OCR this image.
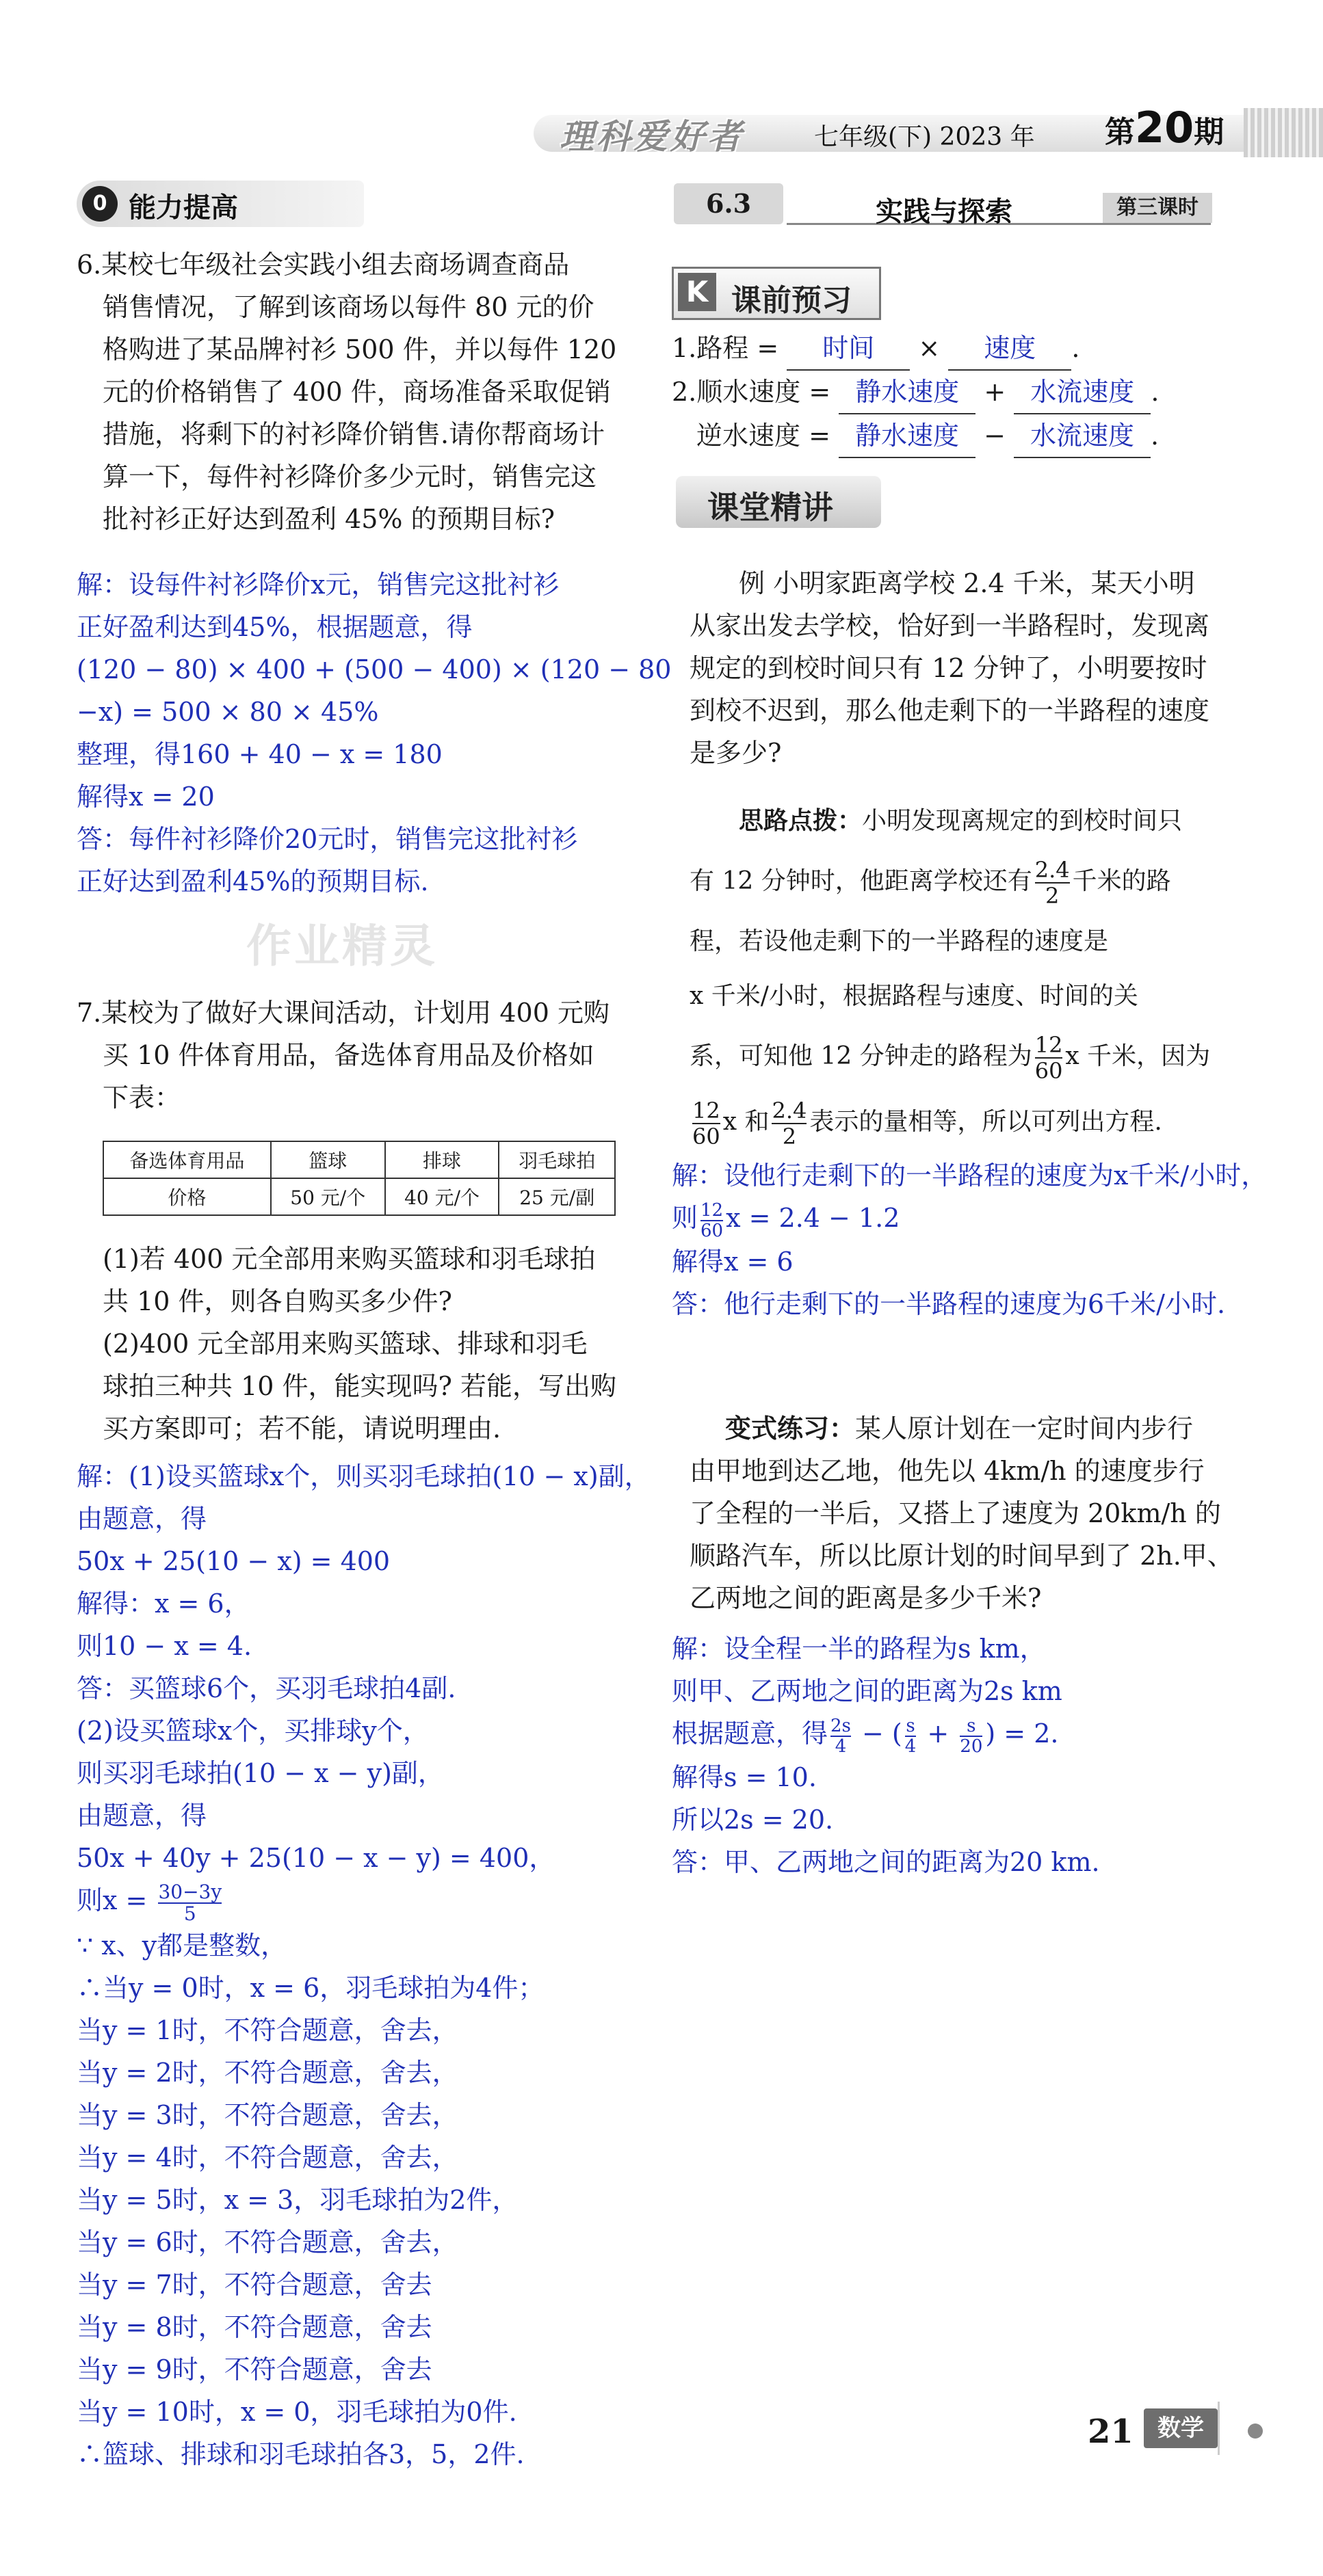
理科爱好者	七年级(下) 2023 年 第20期
0 能力提高
6.某校七年级社会实践小组去商场调查商品
销售情况，了解到该商场以每件 80 元的价
格购进了某品牌衬衫 500 件，并以每件 120
元的价格销售了 400 件，商场准备采取促销
措施，将剩下的衬衫降价销售.请你帮商场计
算一下，每件衬衫降价多少元时，销售完这
批衬衫正好达到盈利 45% 的预期目标?
解：设每件衬衫降价x元，销售完这批衬衫
正好盈利达到45%，根据题意，得
(120 − 80) × 400 + (500 − 400) × (120 − 80
−x) = 500 × 80 × 45%
整理，得160 + 40 − x = 180
解得x = 20
答：每件衬衫降价20元时，销售完这批衬衫
正好达到盈利45%的预期目标.
作业精灵
7.某校为了做好大课间活动，计划用 400 元购
买 10 件体育用品，备选体育用品及价格如
下表：
备选体育用品	篮球	排球	羽毛球拍
价格	50 元/个	40 元/个	25 元/副
(1)若 400 元全部用来购买篮球和羽毛球拍
共 10 件，则各自购买多少件?
(2)400 元全部用来购买篮球、排球和羽毛
球拍三种共 10 件，能实现吗? 若能，写出购
买方案即可；若不能，请说明理由.
解：(1)设买篮球x个，则买羽毛球拍(10 − x)副，
由题意，得
50x + 25(10 − x) = 400
解得：x = 6，
则10 − x = 4.
答：买篮球6个，买羽毛球拍4副.
(2)设买篮球x个，买排球y个，
则买羽毛球拍(10 − x − y)副，
由题意，得
50x + 40y + 25(10 − x − y) = 400，
则$x = \frac{30-3y}{5}$
∵ x、y都是整数，
∴当y = 0时，x = 6，羽毛球拍为4件；
当y = 1时，不符合题意，舍去，
当y = 2时，不符合题意，舍去，
当y = 3时，不符合题意，舍去，
当y = 4时，不符合题意，舍去，
当y = 5时，x = 3，羽毛球拍为2件，
当y = 6时，不符合题意，舍去，
当y = 7时，不符合题意，舍去
当y = 8时，不符合题意，舍去
当y = 9时，不符合题意，舍去
当y = 10时，x = 0，羽毛球拍为0件.
∴篮球、排球和羽毛球拍各3，5，2件.
6.3	实践与探索	第三课时
K 课前预习
1.路程 = 时间 × 速度 .
2.顺水速度 = 静水速度 + 水流速度 .
逆水速度 = 静水速度 − 水流速度 .
课堂精讲
例 小明家距离学校 2.4 千米，某天小明
从家出发去学校，恰好到一半路程时，发现离
规定的到校时间只有 12 分钟了，小明要按时
到校不迟到，那么他走剩下的一半路程的速度
是多少?
思路点拨：小明发现离规定的到校时间只
有 12 分钟时，他距离学校还有 $\frac{2.4}{2}$ 千米的路
程，若设他走剩下的一半路程的速度是
x 千米/小时，根据路程与速度、时间的关
系，可知他 12 分钟走的路程为 $\frac{12}{60}$ x 千米，因为
$\frac{12}{60}$ x 和 $\frac{2.4}{2}$ 表示的量相等，所以可列出方程.
解：设他行走剩下的一半路程的速度为x千米/小时，
则 $\frac{12}{60}$ x = 2.4 − 1.2
解得x = 6
答：他行走剩下的一半路程的速度为6千米/小时.
变式练习：某人原计划在一定时间内步行
由甲地到达乙地，他先以 4km/h 的速度步行
了全程的一半后，又搭上了速度为 20km/h 的
顺路汽车，所以比原计划的时间早到了 2h.甲、
乙两地之间的距离是多少千米?
解：设全程一半的路程为s km，
则甲、乙两地之间的距离为2s km
根据题意，得 $\frac{2s}{4}$ − ( $\frac{s}{4} + \frac{s}{20}$ ) = 2.
解得s = 10.
所以2s = 20.
答：甲、乙两地之间的距离为20 km.
21	数学
